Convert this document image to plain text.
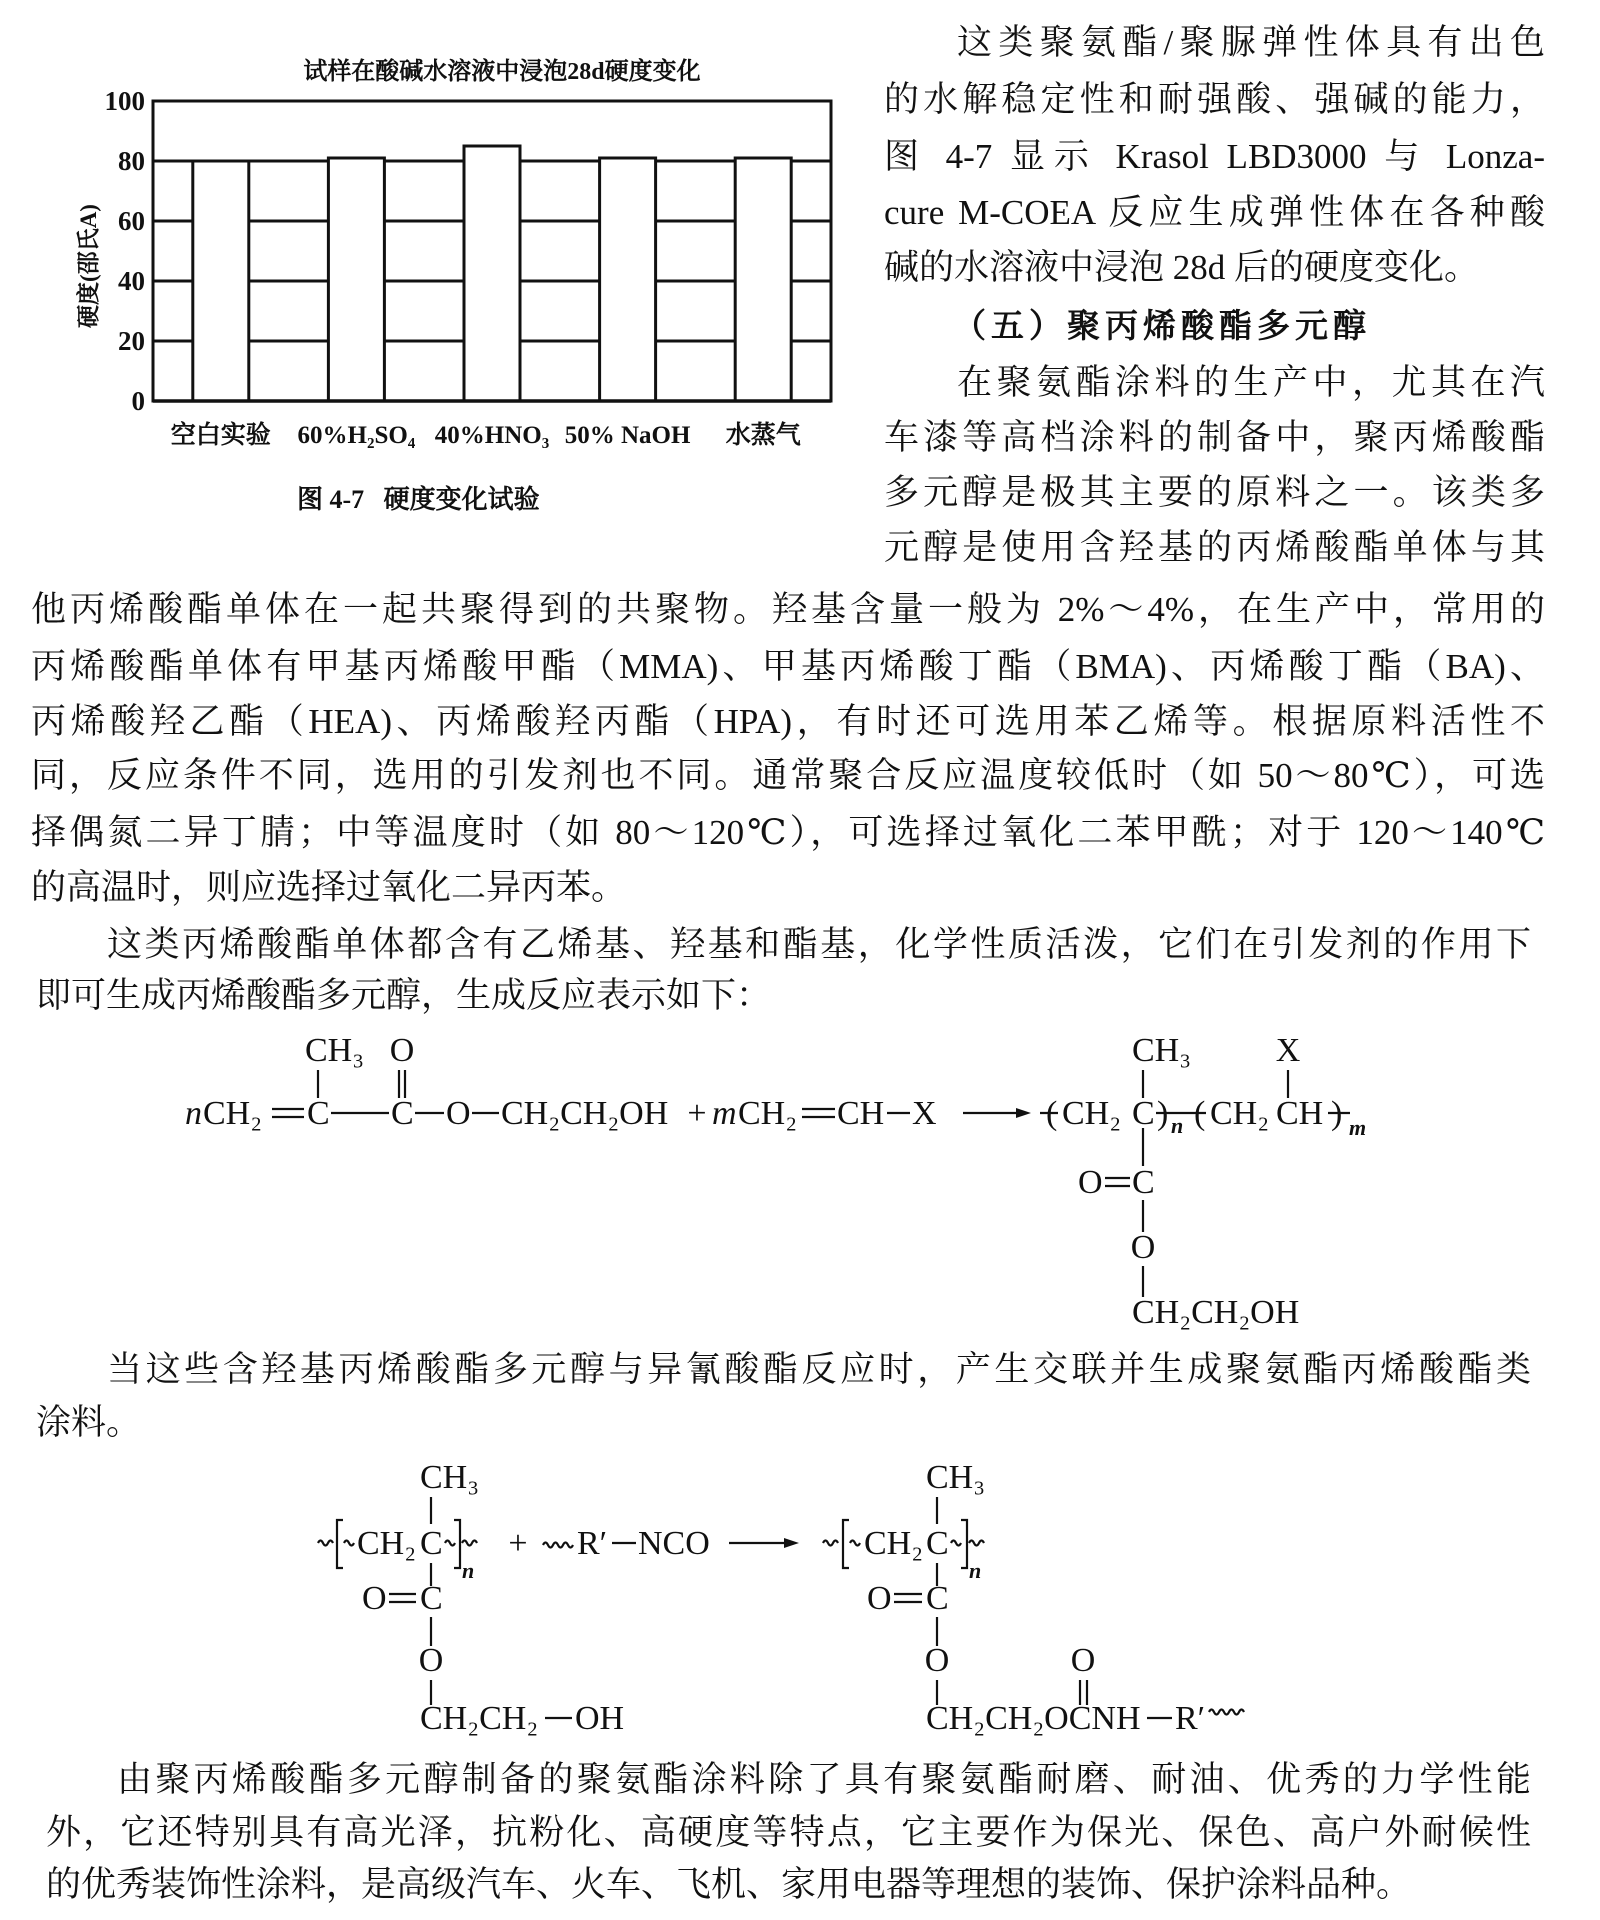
试样在酸碱水溶液中浸泡28d硬度变化
硬度(邵氏A)
0
20
40
60
80
100
空白实验 60%H₂SO₄ 40%HNO₃ 50% NaOH 水蒸气
图 4-7   硬度变化试验
这类聚氨酯/聚脲弹性体具有出色
的水解稳定性和耐强酸、强碱的能力，
图 4-7 显示 Krasol LBD3000 与 Lonza-
cure M-COEA 反应生成弹性体在各种酸
碱的水溶液中浸泡 28d 后的硬度变化。
（五）聚丙烯酸酯多元醇
在聚氨酯涂料的生产中，尤其在汽
车漆等高档涂料的制备中，聚丙烯酸酯
多元醇是极其主要的原料之一。该类多
元醇是使用含羟基的丙烯酸酯单体与其
他丙烯酸酯单体在一起共聚得到的共聚物。羟基含量一般为 2%～4%，在生产中，常用的
丙烯酸酯单体有甲基丙烯酸甲酯（MMA)、甲基丙烯酸丁酯（BMA)、丙烯酸丁酯（BA)、
丙烯酸羟乙酯（HEA)、丙烯酸羟丙酯（HPA)，有时还可选用苯乙烯等。根据原料活性不
同，反应条件不同，选用的引发剂也不同。通常聚合反应温度较低时（如 50～80℃），可选
择偶氮二异丁腈；中等温度时（如 80～120℃），可选择过氧化二苯甲酰；对于 120～140℃
的高温时，则应选择过氧化二异丙苯。
这类丙烯酸酯单体都含有乙烯基、羟基和酯基，化学性质活泼，它们在引发剂的作用下
即可生成丙烯酸酯多元醇，生成反应表示如下：
n CH₂ C
CH₃
C
O
O CH₂CH₂OH + m CH₂ CH X	( CH₂ C ) n ( CH₂ CH ) m
CH₃ X
O C
O
CH₂CH₂OH
当这些含羟基丙烯酸酯多元醇与异氰酸酯反应时，产生交联并生成聚氨酯丙烯酸酯类
涂料。
CH₂ C
n
CH₃
O C
O
CH₂CH₂ OH
+ R′ NCO	CH₂ C
n
CH₃
O C
O	O
CH₂CH₂OCNH R′
由聚丙烯酸酯多元醇制备的聚氨酯涂料除了具有聚氨酯耐磨、耐油、优秀的力学性能
外，它还特别具有高光泽，抗粉化、高硬度等特点，它主要作为保光、保色、高户外耐候性
的优秀装饰性涂料，是高级汽车、火车、飞机、家用电器等理想的装饰、保护涂料品种。
